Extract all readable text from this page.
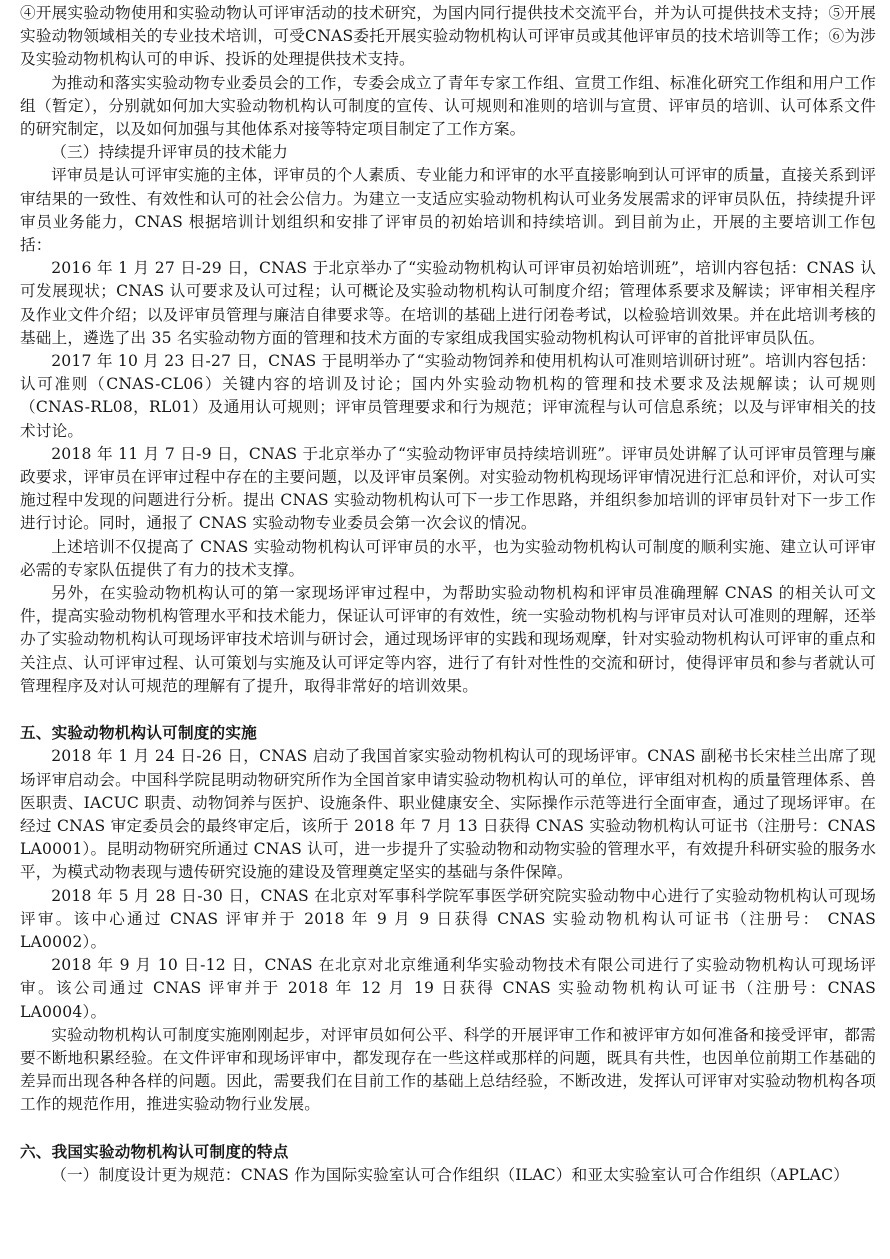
④开展实验动物使用和实验动物认可评审活动的技术研究，为国内同行提供技术交流平台，并为认可提供技术支持；⑤开展实验动物领域相关的专业技术培训，可受CNAS委托开展实验动物机构认可评审员或其他评审员的技术培训等工作；⑥为涉及实验动物机构认可的申诉、投诉的处理提供技术支持。

为推动和落实实验动物专业委员会的工作，专委会成立了青年专家工作组、宣贯工作组、标准化研究工作组和用户工作组（暂定），分别就如何加大实验动物机构认可制度的宣传、认可规则和准则的培训与宣贯、评审员的培训、认可体系文件的研究制定，以及如何加强与其他体系对接等特定项目制定了工作方案。

（三）持续提升评审员的技术能力

评审员是认可评审实施的主体，评审员的个人素质、专业能力和评审的水平直接影响到认可评审的质量，直接关系到评审结果的一致性、有效性和认可的社会公信力。为建立一支适应实验动物机构认可业务发展需求的评审员队伍，持续提升评审员业务能力，CNAS 根据培训计划组织和安排了评审员的初始培训和持续培训。到目前为止，开展的主要培训工作包括：

2016 年 1 月 27 日-29 日，CNAS 于北京举办了“实验动物机构认可评审员初始培训班”，培训内容包括：CNAS 认可发展现状；CNAS 认可要求及认可过程；认可概论及实验动物机构认可制度介绍；管理体系要求及解读；评审相关程序及作业文件介绍；以及评审员管理与廉洁自律要求等。在培训的基础上进行闭卷考试，以检验培训效果。并在此培训考核的基础上，遴选了出 35 名实验动物方面的管理和技术方面的专家组成我国实验动物机构认可评审的首批评审员队伍。

2017 年 10 月 23 日-27 日，CNAS 于昆明举办了“实验动物饲养和使用机构认可准则培训研讨班”。培训内容包括：认可准则（CNAS-CL06）关键内容的培训及讨论；国内外实验动物机构的管理和技术要求及法规解读；认可规则（CNAS-RL08，RL01）及通用认可规则；评审员管理要求和行为规范；评审流程与认可信息系统；以及与评审相关的技术讨论。

2018 年 11 月 7 日-9 日，CNAS 于北京举办了“实验动物评审员持续培训班”。评审员处讲解了认可评审员管理与廉政要求，评审员在评审过程中存在的主要问题，以及评审员案例。对实验动物机构现场评审情况进行汇总和评价，对认可实施过程中发现的问题进行分析。提出 CNAS 实验动物机构认可下一步工作思路，并组织参加培训的评审员针对下一步工作进行讨论。同时，通报了 CNAS 实验动物专业委员会第一次会议的情况。

上述培训不仅提高了 CNAS 实验动物机构认可评审员的水平，也为实验动物机构认可制度的顺利实施、建立认可评审必需的专家队伍提供了有力的技术支撑。

另外，在实验动物机构认可的第一家现场评审过程中，为帮助实验动物机构和评审员准确理解 CNAS 的相关认可文件，提高实验动物机构管理水平和技术能力，保证认可评审的有效性，统一实验动物机构与评审员对认可准则的理解，还举办了实验动物机构认可现场评审技术培训与研讨会，通过现场评审的实践和现场观摩，针对实验动物机构认可评审的重点和关注点、认可评审过程、认可策划与实施及认可评定等内容，进行了有针对性性的交流和研讨，使得评审员和参与者就认可管理程序及对认可规范的理解有了提升，取得非常好的培训效果。

五、实验动物机构认可制度的实施

2018 年 1 月 24 日-26 日，CNAS 启动了我国首家实验动物机构认可的现场评审。CNAS 副秘书长宋桂兰出席了现场评审启动会。中国科学院昆明动物研究所作为全国首家申请实验动物机构认可的单位，评审组对机构的质量管理体系、兽医职责、IACUC 职责、动物饲养与医护、设施条件、职业健康安全、实际操作示范等进行全面审查，通过了现场评审。在经过 CNAS 审定委员会的最终审定后，该所于 2018 年 7 月 13 日获得 CNAS 实验动物机构认可证书（注册号：CNAS LA0001）。昆明动物研究所通过 CNAS 认可，进一步提升了实验动物和动物实验的管理水平，有效提升科研实验的服务水平，为模式动物表现与遗传研究设施的建设及管理奠定坚实的基础与条件保障。

2018 年 5 月 28 日-30 日，CNAS 在北京对军事科学院军事医学研究院实验动物中心进行了实验动物机构认可现场评审。该中心通过 CNAS 评审并于 2018 年 9 月 9 日获得 CNAS 实验动物机构认可证书（注册号： CNAS LA0002）。

2018 年 9 月 10 日-12 日，CNAS 在北京对北京维通利华实验动物技术有限公司进行了实验动物机构认可现场评审。该公司通过 CNAS 评审并于 2018 年 12 月 19 日获得 CNAS 实验动物机构认可证书（注册号：CNAS LA0004）。

实验动物机构认可制度实施刚刚起步，对评审员如何公平、科学的开展评审工作和被评审方如何准备和接受评审，都需要不断地积累经验。在文件评审和现场评审中，都发现存在一些这样或那样的问题，既具有共性，也因单位前期工作基础的差异而出现各种各样的问题。因此，需要我们在目前工作的基础上总结经验，不断改进，发挥认可评审对实验动物机构各项工作的规范作用，推进实验动物行业发展。

六、我国实验动物机构认可制度的特点

（一）制度设计更为规范：CNAS 作为国际实验室认可合作组织（ILAC）和亚太实验室认可合作组织（APLAC）
